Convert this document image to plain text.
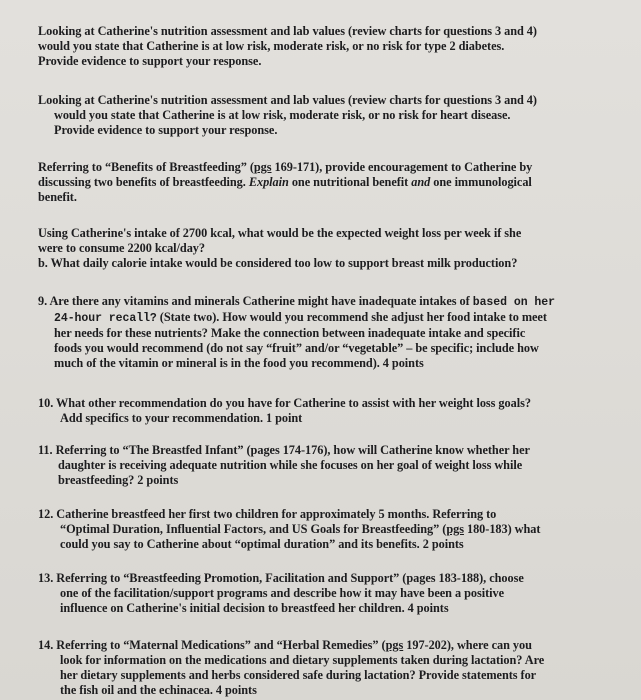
Looking at Catherine's nutrition assessment and lab values (review charts for questions 3 and 4)

would you state that Catherine is at low risk, moderate risk, or no risk for type 2 diabetes.

Provide evidence to support your response.

Looking at Catherine's nutrition assessment and lab values (review charts for questions 3 and 4)

would you state that Catherine is at low risk, moderate risk, or no risk for heart disease.

Provide evidence to support your response.

Referring to “Benefits of Breastfeeding” (pgs 169-171), provide encouragement to Catherine by

discussing two benefits of breastfeeding. Explain one nutritional benefit and one immunological

benefit.

Using Catherine's intake of 2700 kcal, what would be the expected weight loss per week if she

were to consume 2200 kcal/day?

b. What daily calorie intake would be considered too low to support breast milk production?

9. Are there any vitamins and minerals Catherine might have inadequate intakes of based on her

24-hour recall? (State two). How would you recommend she adjust her food intake to meet

her needs for these nutrients? Make the connection between inadequate intake and specific

foods you would recommend (do not say “fruit” and/or “vegetable” – be specific; include how

much of the vitamin or mineral is in the food you recommend). 4 points

10. What other recommendation do you have for Catherine to assist with her weight loss goals?

Add specifics to your recommendation. 1 point

11. Referring to “The Breastfed Infant” (pages 174-176), how will Catherine know whether her

daughter is receiving adequate nutrition while she focuses on her goal of weight loss while

breastfeeding? 2 points

12. Catherine breastfeed her first two children for approximately 5 months. Referring to

“Optimal Duration, Influential Factors, and US Goals for Breastfeeding” (pgs 180-183) what

could you say to Catherine about “optimal duration” and its benefits. 2 points

13. Referring to “Breastfeeding Promotion, Facilitation and Support” (pages 183-188), choose

one of the facilitation/support programs and describe how it may have been a positive

influence on Catherine's initial decision to breastfeed her children. 4 points

14. Referring to “Maternal Medications” and “Herbal Remedies” (pgs 197-202), where can you

look for information on the medications and dietary supplements taken during lactation? Are

her dietary supplements and herbs considered safe during lactation? Provide statements for

the fish oil and the echinacea. 4 points
